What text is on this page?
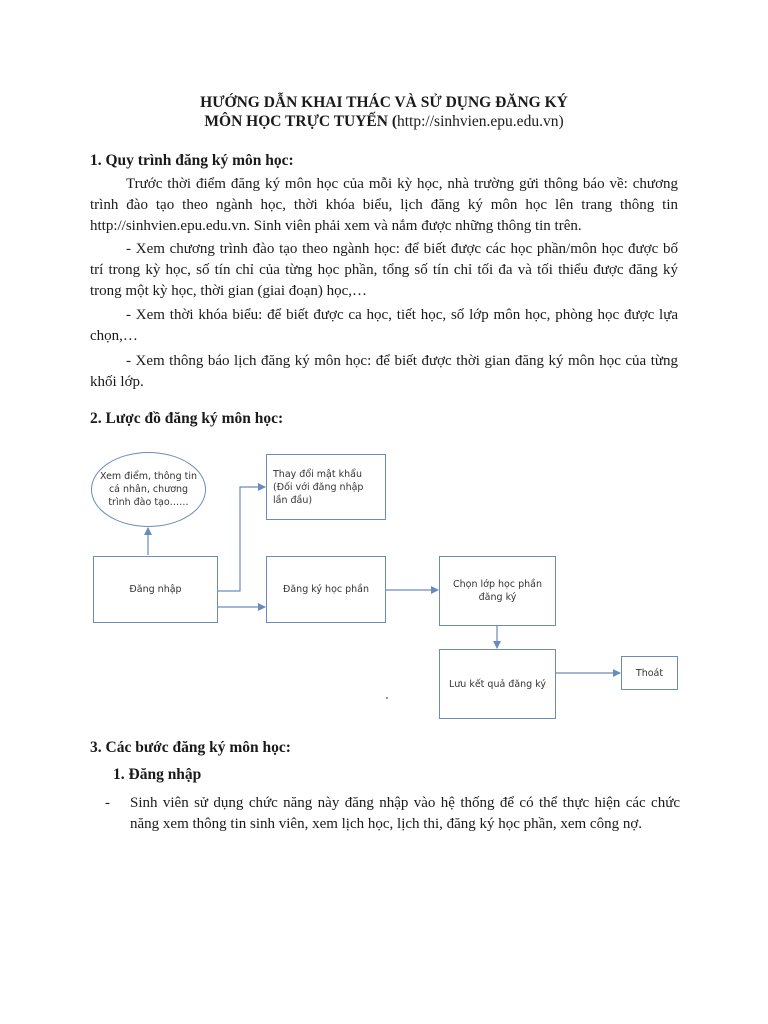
HƯỚNG DẪN KHAI THÁC VÀ SỬ DỤNG ĐĂNG KÝ
MÔN HỌC TRỰC TUYẾN (http://sinhvien.epu.edu.vn)
1. Quy trình đăng ký môn học:

Trước thời điểm đăng ký môn học của mỗi kỳ học, nhà trường gửi thông báo về: chương trình đào tạo theo ngành học, thời khóa biểu, lịch đăng ký môn học lên trang thông tin http://sinhvien.epu.edu.vn. Sinh viên phải xem và nắm được những thông tin trên.

- Xem chương trình đào tạo theo ngành học: để biết được các học phần/môn học được bố trí trong kỳ học, số tín chỉ của từng học phần, tổng số tín chỉ tối đa và tối thiểu được đăng ký trong một kỳ học, thời gian (giai đoạn) học,…

- Xem thời khóa biểu: để biết được ca học, tiết học, số lớp môn học, phòng học được lựa chọn,…

- Xem thông báo lịch đăng ký môn học: để biết được thời gian đăng ký môn học của từng khối lớp.

2. Lược đồ đăng ký môn học:
Xem điểm, thông tin cá nhân, chương trình đào tạo……
Thay đổi mật khẩu (Đối với đăng nhập lần đầu)
Đăng nhập	Đăng ký học phần	Chọn lớp học phần đăng ký
Lưu kết quả đăng ký
Thoát
3. Các bước đăng ký môn học:
1. Đăng nhập
- Sinh viên sử dụng chức năng này đăng nhập vào hệ thống để có thể thực hiện các chức năng xem thông tin sinh viên, xem lịch học, lịch thi, đăng ký học phần, xem công nợ.
